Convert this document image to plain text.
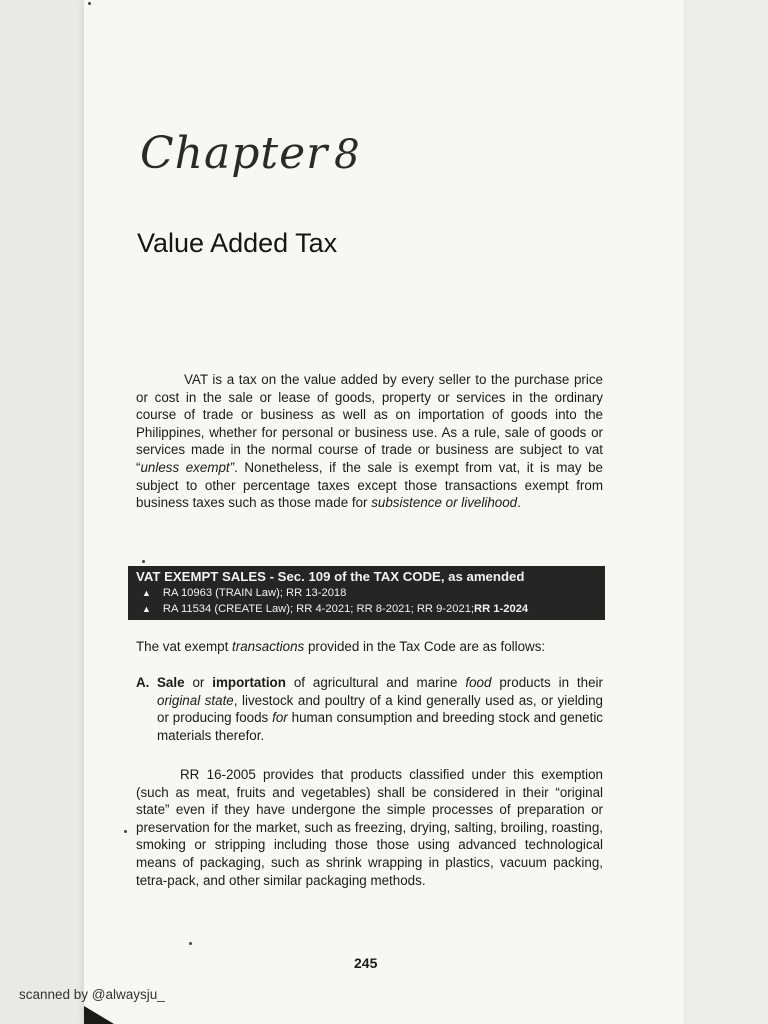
Chapter 8
Value Added Tax

VAT is a tax on the value added by every seller to the purchase price or cost in the sale or lease of goods, property or services in the ordinary course of trade or business as well as on importation of goods into the Philippines, whether for personal or business use. As a rule, sale of goods or services made in the normal course of trade or business are subject to vat “unless exempt”. Nonetheless, if the sale is exempt from vat, it is may be subject to other percentage taxes except those transactions exempt from business taxes such as those made for subsistence or livelihood.

VAT EXEMPT SALES - Sec. 109 of the TAX CODE, as amended
▲ RA 10963 (TRAIN Law); RR 13-2018
▲ RA 11534 (CREATE Law); RR 4-2021; RR 8-2021; RR 9-2021; RR 1-2024
The vat exempt transactions provided in the Tax Code are as follows:
A. Sale or importation of agricultural and marine food products in their original state, livestock and poultry of a kind generally used as, or yielding or producing foods for human consumption and breeding stock and genetic materials therefor.

RR 16-2005 provides that products classified under this exemption (such as meat, fruits and vegetables) shall be considered in their “original state” even if they have undergone the simple processes of preparation or preservation for the market, such as freezing, drying, salting, broiling, roasting, smoking or stripping including those those using advanced technological means of packaging, such as shrink wrapping in plastics, vacuum packing, tetra-pack, and other similar packaging methods.

245
scanned by @alwaysju_
